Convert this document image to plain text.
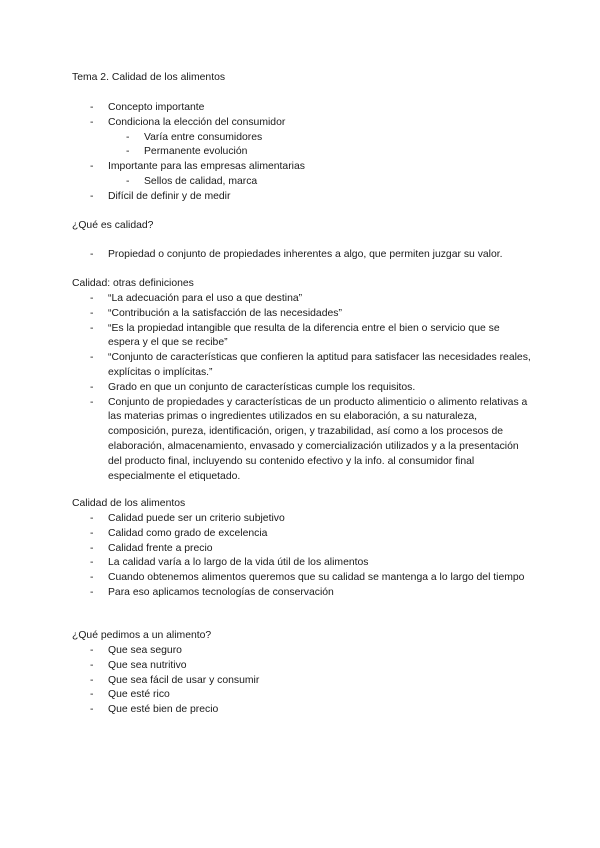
Tema 2. Calidad de los alimentos
- Concepto importante
- Condiciona la elección del consumidor
- Varía entre consumidores
- Permanente evolución
- Importante para las empresas alimentarias
- Sellos de calidad, marca
- Difícil de definir y de medir
¿Qué es calidad?
- Propiedad o conjunto de propiedades inherentes a algo, que permiten juzgar su valor.
Calidad: otras definiciones
- “La adecuación para el uso a que destina”
- “Contribución a la satisfacción de las necesidades”
- “Es la propiedad intangible que resulta de la diferencia entre el bien o servicio que se espera y el que se recibe”
- “Conjunto de características que confieren la aptitud para satisfacer las necesidades reales, explícitas o implícitas.”
- Grado en que un conjunto de características cumple los requisitos.
- Conjunto de propiedades y características de un producto alimenticio o alimento relativas a las materias primas o ingredientes utilizados en su elaboración, a su naturaleza, composición, pureza, identificación, origen, y trazabilidad, así como a los procesos de elaboración, almacenamiento, envasado y comercialización utilizados y a la presentación del producto final, incluyendo su contenido efectivo y la info. al consumidor final especialmente el etiquetado.
Calidad de los alimentos
- Calidad puede ser un criterio subjetivo
- Calidad como grado de excelencia
- Calidad frente a precio
- La calidad varía a lo largo de la vida útil de los alimentos
- Cuando obtenemos alimentos queremos que su calidad se mantenga a lo largo del tiempo
- Para eso aplicamos tecnologías de conservación
¿Qué pedimos a un alimento?
- Que sea seguro
- Que sea nutritivo
- Que sea fácil de usar y consumir
- Que esté rico
- Que esté bien de precio
